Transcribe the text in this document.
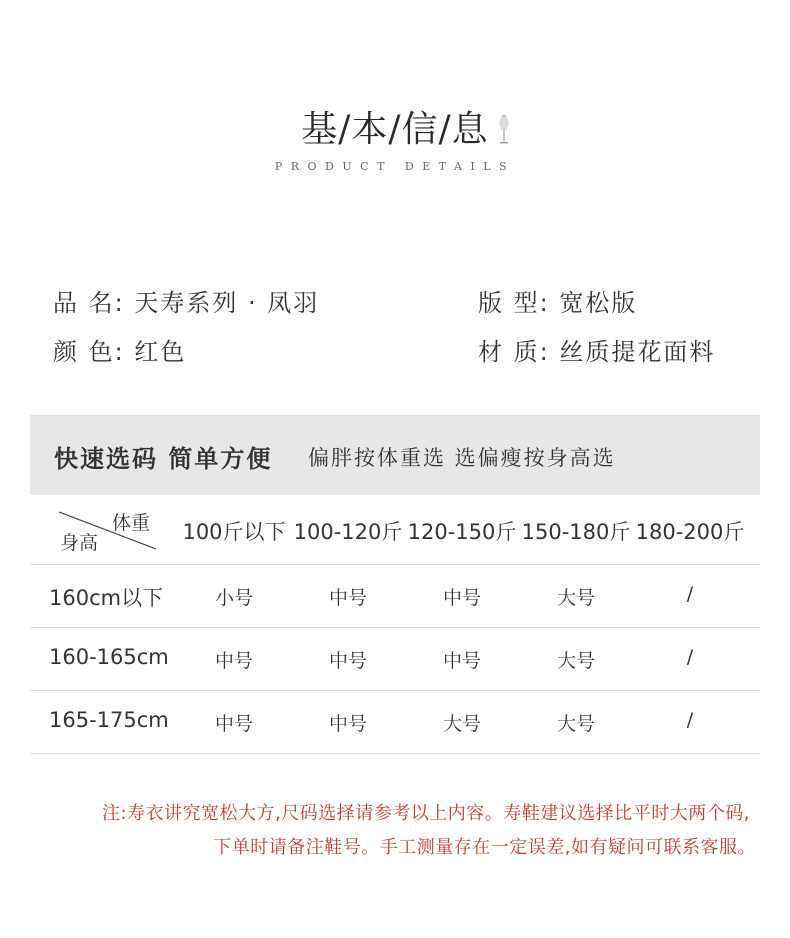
基/本/信/息
PRODUCT DETAILS
品 名: 天寿系列 · 凤羽	版 型: 宽松版
颜 色: 红色	材 质: 丝质提花面料
快速选码 简单方便 偏胖按体重选 选偏瘦按身高选
体重
身高	100斤以下 100-120斤 120-150斤 150-180斤 180-200斤
160cm以下	小号	中号	中号	大号	/
160-165cm	中号	中号	中号	大号	/
165-175cm	中号	中号	大号	大号	/
注:寿衣讲究宽松大方,尺码选择请参考以上内容。寿鞋建议选择比平时大两个码,
下单时请备注鞋号。手工测量存在一定误差,如有疑问可联系客服。
